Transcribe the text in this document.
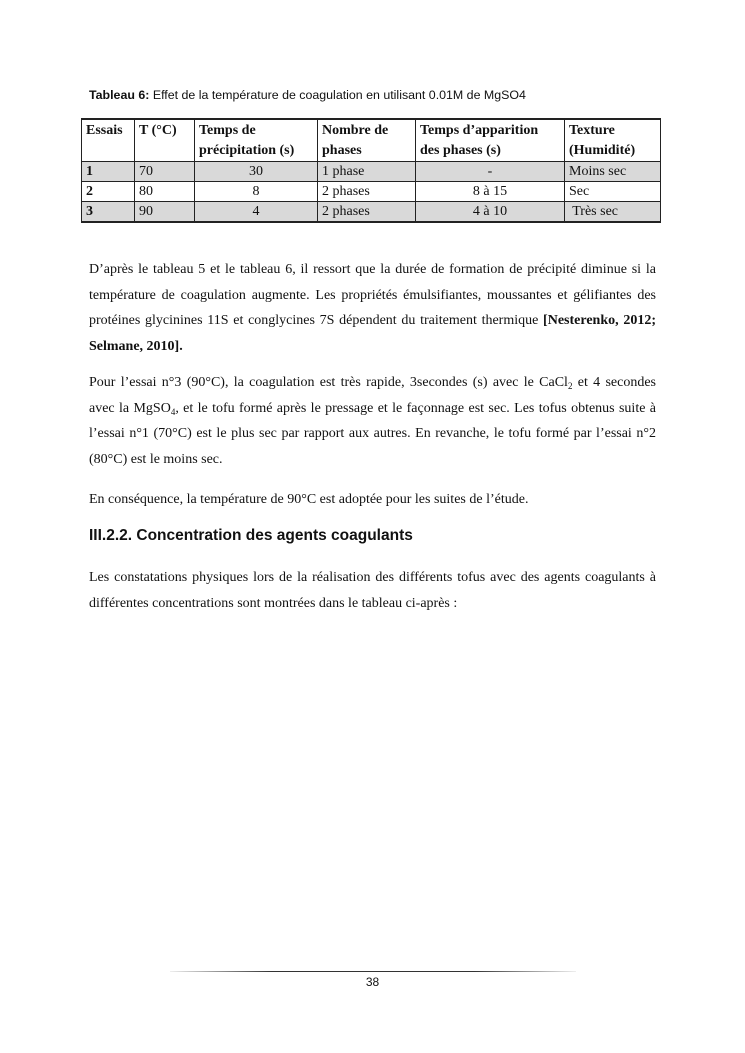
Tableau 6: Effet de la température de coagulation en utilisant 0.01M de MgSO4
Essais	T (°C)	Temps de précipitation (s)	Nombre de phases	Temps d’apparition des phases (s)	Texture (Humidité)
1	70	30	1 phase	-	Moins sec
2	80	8	2 phases	8 à 15	Sec
3	90	4	2 phases	4 à 10	Très sec

D’après le tableau 5 et le tableau 6, il ressort que la durée de formation de précipité diminue si la température de coagulation augmente. Les propriétés émulsifiantes, moussantes et gélifiantes des protéines glycinines 11S et conglycines 7S dépendent du traitement thermique [Nesterenko, 2012; Selmane, 2010].

Pour l’essai n°3 (90°C), la coagulation est très rapide, 3secondes (s) avec le CaCl$_2$ et 4 secondes avec la MgSO$_4$, et le tofu formé après le pressage et le façonnage est sec. Les tofus obtenus suite à l’essai n°1 (70°C) est le plus sec par rapport aux autres. En revanche, le tofu formé par l’essai n°2 (80°C) est le moins sec.

En conséquence, la température de 90°C est adoptée pour les suites de l’étude.

III.2.2. Concentration des agents coagulants

Les constatations physiques lors de la réalisation des différents tofus avec des agents coagulants à différentes concentrations sont montrées dans le tableau ci-après :

38
